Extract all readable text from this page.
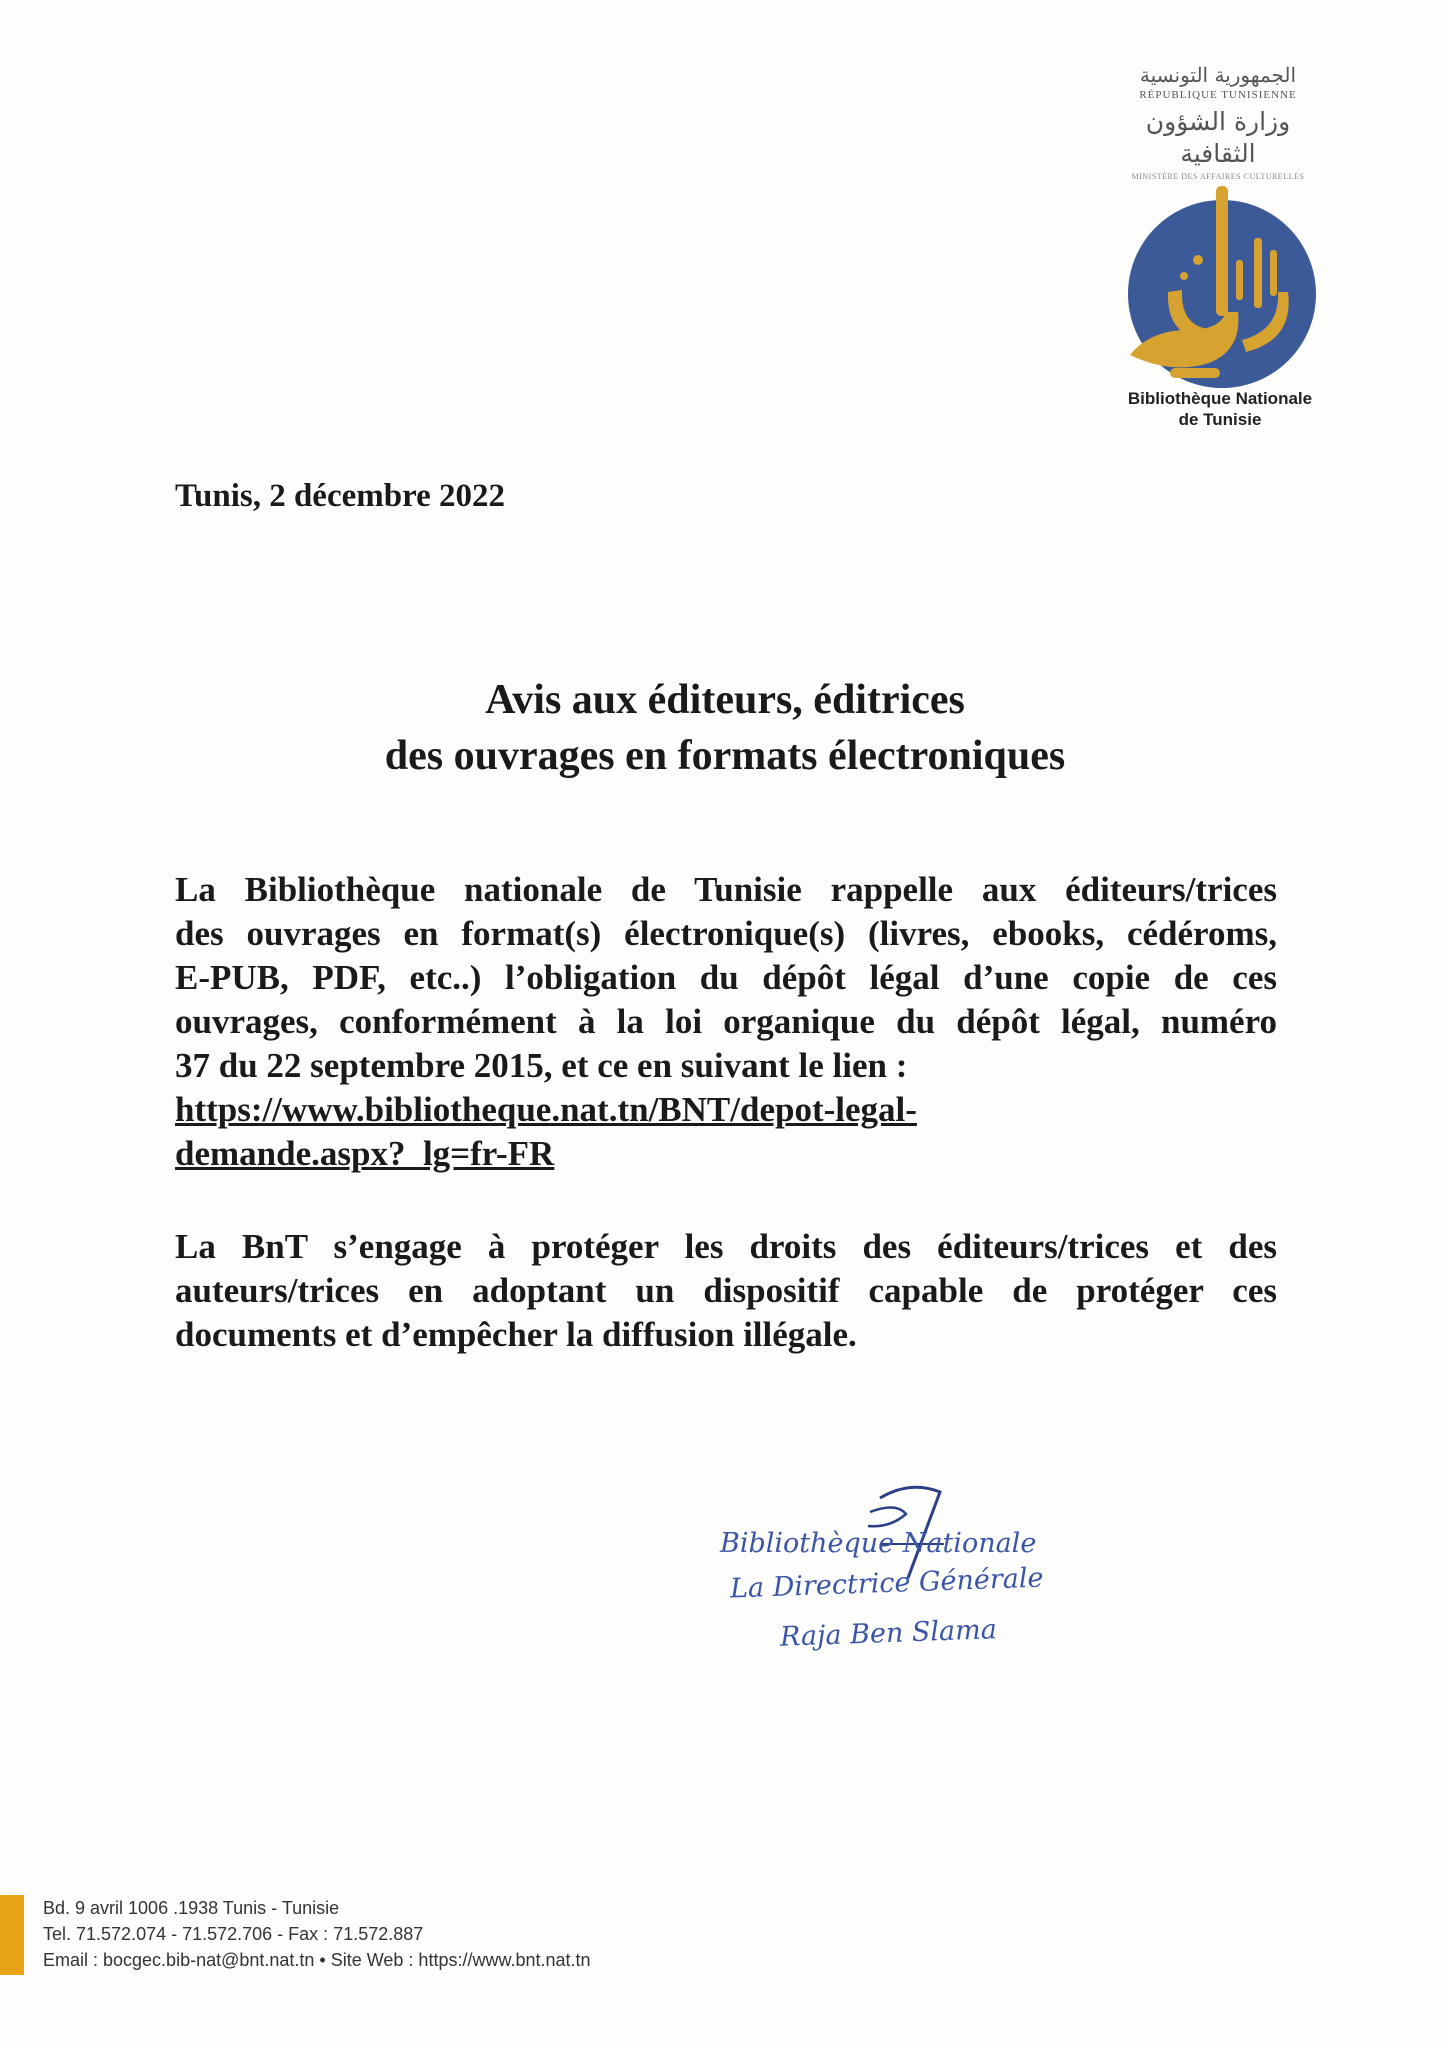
الجمهورية التونسية
RÉPUBLIQUE TUNISIENNE
وزارة الشؤون الثقافية
MINISTÈRE DES AFFAIRES CULTURELLES
Bibliothèque Nationale
de Tunisie
Tunis, 2 décembre 2022
Avis aux éditeurs, éditrices
des ouvrages en formats électroniques
La Bibliothèque nationale de Tunisie rappelle aux éditeurs/trices
des ouvrages en format(s) électronique(s) (livres, ebooks, cédéroms,
E-PUB, PDF, etc..) l’obligation du dépôt légal d’une copie de ces
ouvrages, conformément à la loi organique du dépôt légal, numéro
37 du 22 septembre 2015, et ce en suivant le lien :
https://www.bibliotheque.nat.tn/BNT/depot-legal-
demande.aspx?_lg=fr-FR
La BnT s’engage à protéger les droits des éditeurs/trices et des
auteurs/trices en adoptant un dispositif capable de protéger ces
documents et d’empêcher la diffusion illégale.
Bibliothèque Nationale
La Directrice Générale
Raja Ben Slama
Bd. 9 avril 1006 .1938 Tunis - Tunisie
Tel. 71.572.074 - 71.572.706 - Fax : 71.572.887
Email : bocgec.bib-nat@bnt.nat.tn • Site Web : https://www.bnt.nat.tn
